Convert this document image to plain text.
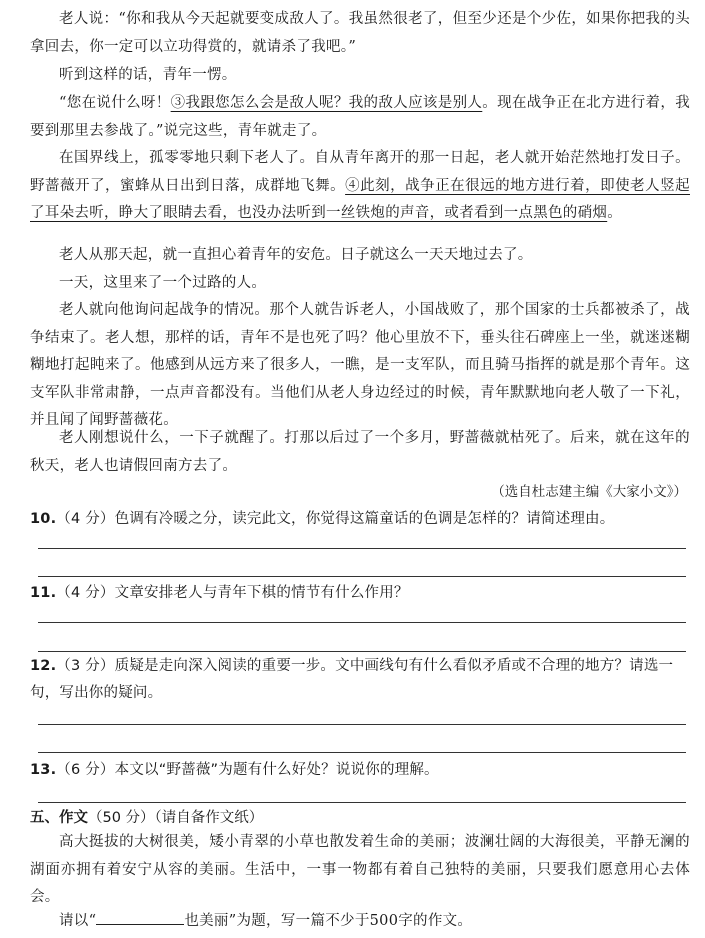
老人说：“你和我从今天起就要变成敌人了。我虽然很老了，但至少还是个少佐，如果你把我的头拿回去，你一定可以立功得赏的，就请杀了我吧。”

听到这样的话，青年一愣。

“您在说什么呀！③我跟您怎么会是敌人呢？我的敌人应该是别人。现在战争正在北方进行着，我要到那里去参战了。”说完这些，青年就走了。

在国界线上，孤零零地只剩下老人了。自从青年离开的那一日起，老人就开始茫然地打发日子。野蔷薇开了，蜜蜂从日出到日落，成群地飞舞。④此刻，战争正在很远的地方进行着，即使老人竖起了耳朵去听，睁大了眼睛去看，也没办法听到一丝铁炮的声音，或者看到一点黑色的硝烟。

老人从那天起，就一直担心着青年的安危。日子就这么一天天地过去了。

一天，这里来了一个过路的人。

老人就向他询问起战争的情况。那个人就告诉老人，小国战败了，那个国家的士兵都被杀了，战争结束了。老人想，那样的话，青年不是也死了吗？他心里放不下，垂头往石碑座上一坐，就迷迷糊糊地打起盹来了。他感到从远方来了很多人，一瞧，是一支军队，而且骑马指挥的就是那个青年。这支军队非常肃静，一点声音都没有。当他们从老人身边经过的时候，青年默默地向老人敬了一下礼，并且闻了闻野蔷薇花。

老人刚想说什么，一下子就醒了。打那以后过了一个多月，野蔷薇就枯死了。后来，就在这年的秋天，老人也请假回南方去了。

（选自杜志建主编《大家小文》）

10.（4 分）色调有冷暖之分，读完此文，你觉得这篇童话的色调是怎样的？请简述理由。

11.（4 分）文章安排老人与青年下棋的情节有什么作用？

12.（3 分）质疑是走向深入阅读的重要一步。文中画线句有什么看似矛盾或不合理的地方？请选一句，写出你的疑问。

13.（6 分）本文以“野蔷薇”为题有什么好处？说说你的理解。

五、作文（50 分）（请自备作文纸）

高大挺拔的大树很美，矮小青翠的小草也散发着生命的美丽；波澜壮阔的大海很美，平静无澜的湖面亦拥有着安宁从容的美丽。生活中，一事一物都有着自己独特的美丽，只要我们愿意用心去体会。

请以“	也美丽”为题，写一篇不少于500字的作文。
